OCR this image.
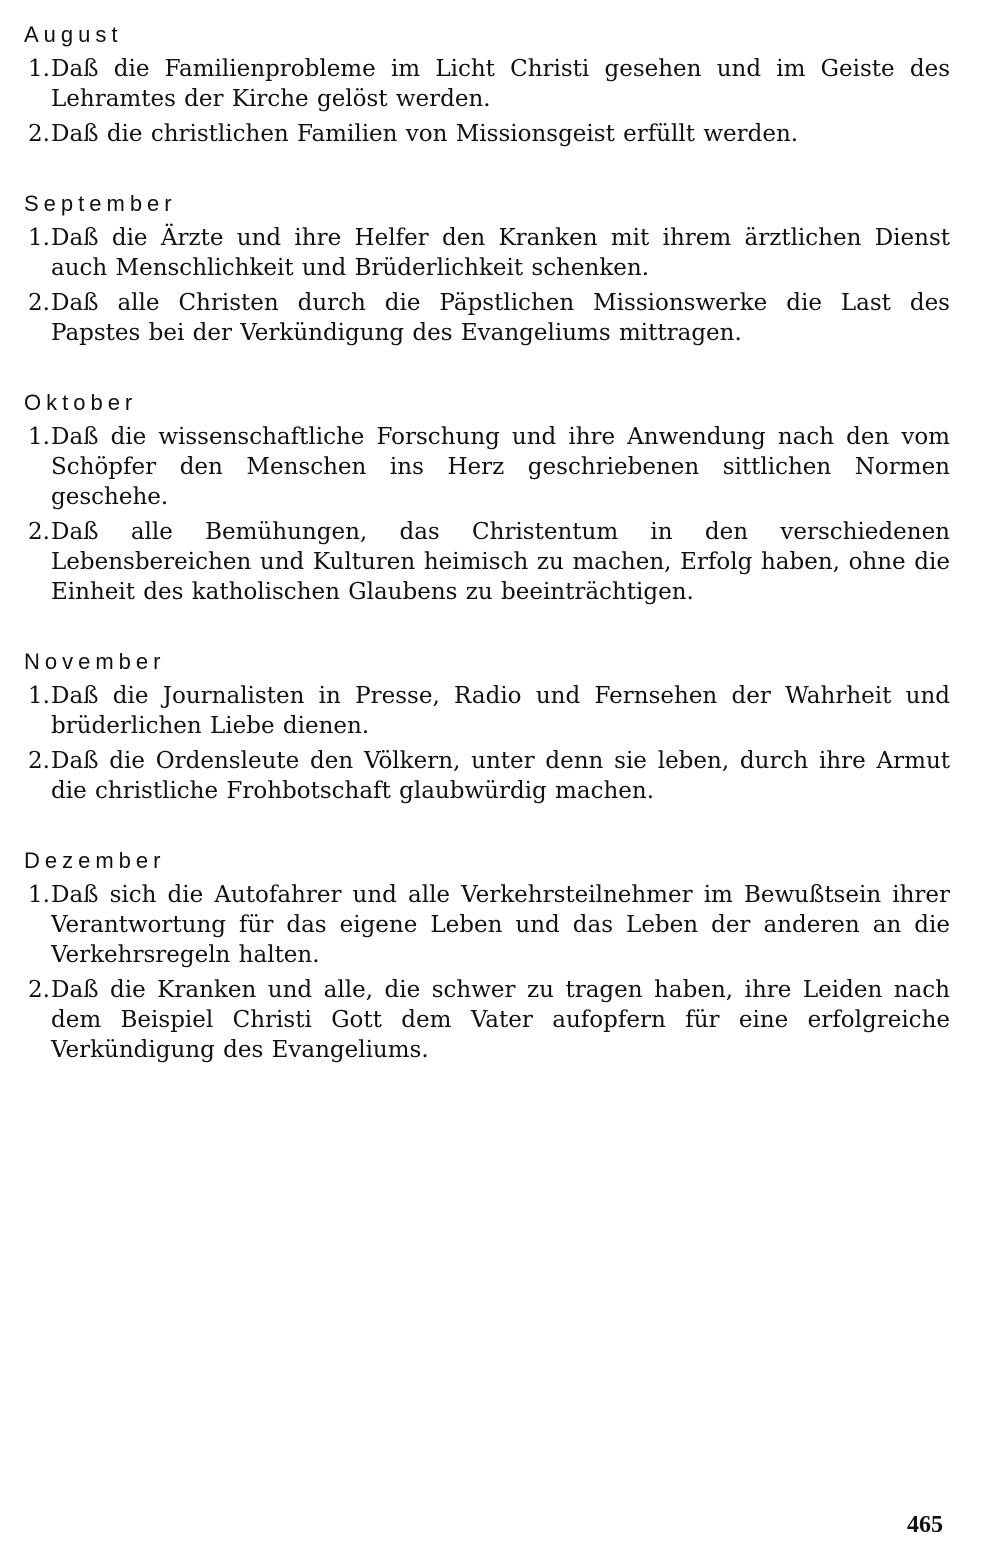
August
1. Daß die Familienprobleme im Licht Christi gesehen und im Geiste des Lehramtes der Kirche gelöst werden.
2. Daß die christlichen Familien von Missionsgeist erfüllt werden.
September
1. Daß die Ärzte und ihre Helfer den Kranken mit ihrem ärztlichen Dienst auch Menschlichkeit und Brüderlichkeit schenken.
2. Daß alle Christen durch die Päpstlichen Missionswerke die Last des Papstes bei der Verkündigung des Evangeliums mittragen.
Oktober
1. Daß die wissenschaftliche Forschung und ihre Anwendung nach den vom Schöpfer den Menschen ins Herz geschriebenen sittlichen Normen geschehe.
2. Daß alle Bemühungen, das Christentum in den verschiedenen Lebensbereichen und Kulturen heimisch zu machen, Erfolg haben, ohne die Einheit des katholischen Glaubens zu beeinträchtigen.
November
1. Daß die Journalisten in Presse, Radio und Fernsehen der Wahrheit und brüderlichen Liebe dienen.
2. Daß die Ordensleute den Völkern, unter denn sie leben, durch ihre Armut die christliche Frohbotschaft glaubwürdig machen.
Dezember
1. Daß sich die Autofahrer und alle Verkehrsteilnehmer im Bewußtsein ihrer Verantwortung für das eigene Leben und das Leben der anderen an die Verkehrsregeln halten.
2. Daß die Kranken und alle, die schwer zu tragen haben, ihre Leiden nach dem Beispiel Christi Gott dem Vater aufopfern für eine erfolgreiche Verkündigung des Evangeliums.
465
